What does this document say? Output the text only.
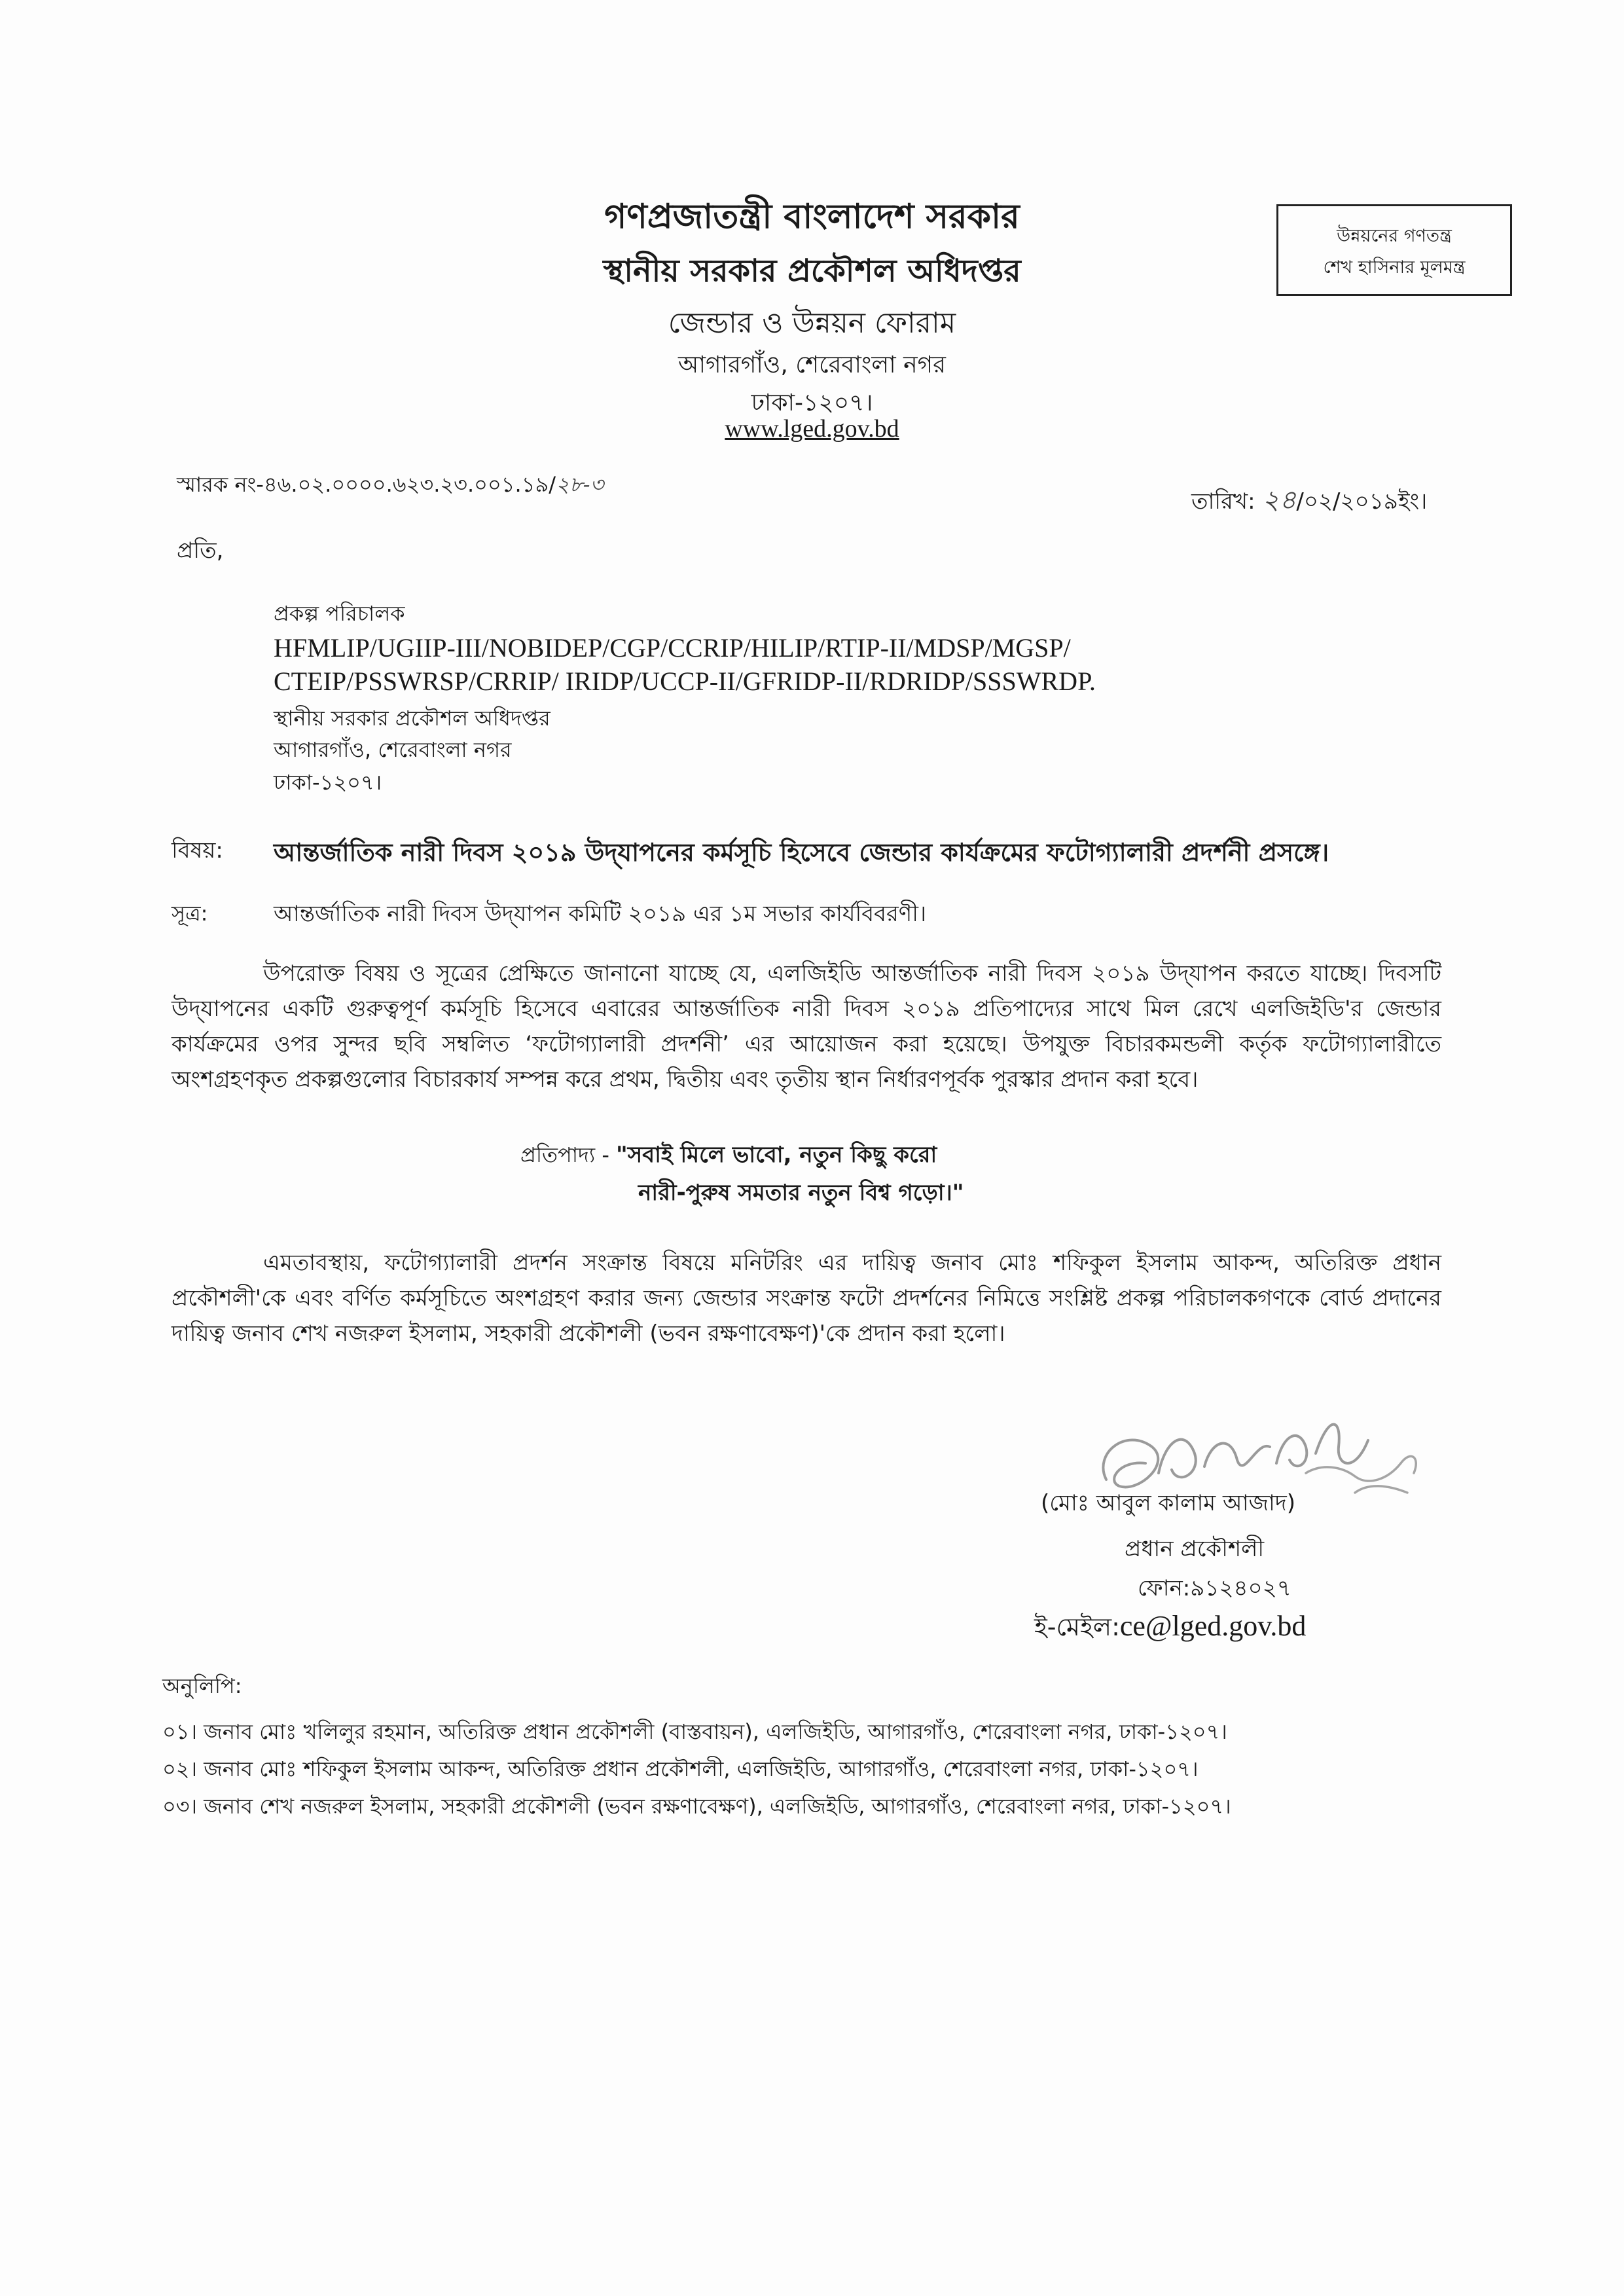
গণপ্রজাতন্ত্রী বাংলাদেশ সরকার
স্থানীয় সরকার প্রকৌশল অধিদপ্তর
জেন্ডার ও উন্নয়ন ফোরাম
আগারগাঁও, শেরেবাংলা নগর
ঢাকা-১২০৭।
www.lged.gov.bd
উন্নয়নের গণতন্ত্র
শেখ হাসিনার মূলমন্ত্র
স্মারক নং-৪৬.০২.০০০০.৬২৩.২৩.০০১.১৯/২৮-৩
তারিখ: ২৪/০২/২০১৯ইং।
প্রতি,
প্রকল্প পরিচালক
HFMLIP/UGIIP-III/NOBIDEP/CGP/CCRIP/HILIP/RTIP-II/MDSP/MGSP/
CTEIP/PSSWRSP/CRRIP/ IRIDP/UCCP-II/GFRIDP-II/RDRIDP/SSSWRDP.
স্থানীয় সরকার প্রকৌশল অধিদপ্তর
আগারগাঁও, শেরেবাংলা নগর
ঢাকা-১২০৭।
বিষয়: আন্তর্জাতিক নারী দিবস ২০১৯ উদ্‌যাপনের কর্মসূচি হিসেবে জেন্ডার কার্যক্রমের ফটোগ্যালারী প্রদর্শনী প্রসঙ্গে।
সূত্র:	আন্তর্জাতিক নারী দিবস উদ্‌যাপন কমিটি ২০১৯ এর ১ম সভার কার্যবিবরণী।
উপরোক্ত বিষয় ও সূত্রের প্রেক্ষিতে জানানো যাচ্ছে যে, এলজিইডি আন্তর্জাতিক নারী দিবস ২০১৯ উদ্‌যাপন করতে যাচ্ছে। দিবসটি উদ্‌যাপনের একটি গুরুত্বপূর্ণ কর্মসূচি হিসেবে এবারের আন্তর্জাতিক নারী দিবস ২০১৯ প্রতিপাদ্যের সাথে মিল রেখে এলজিইডি'র জেন্ডার কার্যক্রমের ওপর সুন্দর ছবি সম্বলিত ‘ফটোগ্যালারী প্রদর্শনী’ এর আয়োজন করা হয়েছে। উপযুক্ত বিচারকমন্ডলী কর্তৃক ফটোগ্যালারীতে অংশগ্রহণকৃত প্রকল্পগুলোর বিচারকার্য সম্পন্ন করে প্রথম, দ্বিতীয় এবং তৃতীয় স্থান নির্ধারণপূর্বক পুরস্কার প্রদান করা হবে।
প্রতিপাদ্য - "সবাই মিলে ভাবো, নতুন কিছু করো
নারী-পুরুষ সমতার নতুন বিশ্ব গড়ো।"
এমতাবস্থায়, ফটোগ্যালারী প্রদর্শন সংক্রান্ত বিষয়ে মনিটরিং এর দায়িত্ব জনাব মোঃ শফিকুল ইসলাম আকন্দ, অতিরিক্ত প্রধান প্রকৌশলী'কে এবং বর্ণিত কর্মসূচিতে অংশগ্রহণ করার জন্য জেন্ডার সংক্রান্ত ফটো প্রদর্শনের নিমিত্তে সংশ্লিষ্ট প্রকল্প পরিচালকগণকে বোর্ড প্রদানের দায়িত্ব জনাব শেখ নজরুল ইসলাম, সহকারী প্রকৌশলী (ভবন রক্ষণাবেক্ষণ)'কে প্রদান করা হলো।
(মোঃ আবুল কালাম আজাদ)
প্রধান প্রকৌশলী
ফোন:৯১২৪০২৭
ই-মেইল:ce@lged.gov.bd
অনুলিপি:
০১। জনাব মোঃ খলিলুর রহমান, অতিরিক্ত প্রধান প্রকৌশলী (বাস্তবায়ন), এলজিইডি, আগারগাঁও, শেরেবাংলা নগর, ঢাকা-১২০৭।
০২। জনাব মোঃ শফিকুল ইসলাম আকন্দ, অতিরিক্ত প্রধান প্রকৌশলী, এলজিইডি, আগারগাঁও, শেরেবাংলা নগর, ঢাকা-১২০৭।
০৩। জনাব শেখ নজরুল ইসলাম, সহকারী প্রকৌশলী (ভবন রক্ষণাবেক্ষণ), এলজিইডি, আগারগাঁও, শেরেবাংলা নগর, ঢাকা-১২০৭।
